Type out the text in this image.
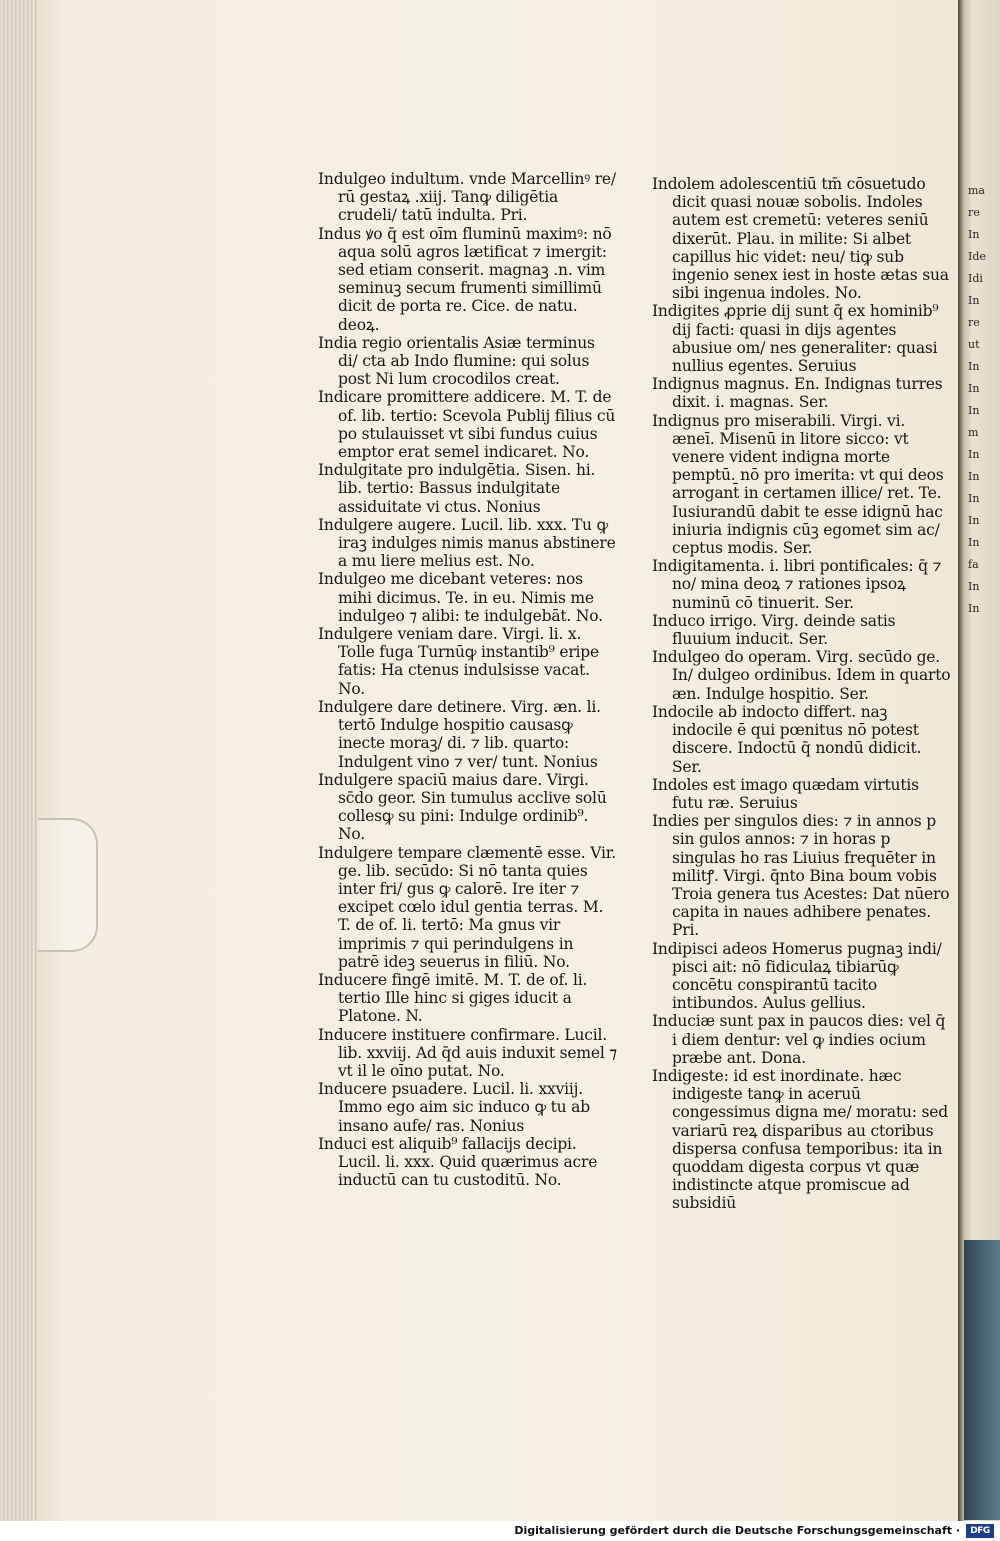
Indulgeo indultum. vnde Marcellinꝰ re/ rū gestaꝝ .xiij. Tanꝙ diligētia crudeli/ tatū indulta. Pri.

Indus ꝟo q̄ est oīm fluminū maximꝰ: nō aqua solū agros lætificat ⁊ imergit: sed etiam conserit. magnaꝫ .n. vim seminuꝫ secum frumenti simillimū dicit de porta re. Cice. de natu. deoꝝ.

India regio orientalis Asiæ terminus di/ cta ab Indo flumine: qui solus post Ni lum crocodilos creat.

Indicare promittere addicere. M. T. de of. lib. tertio: Scevola Publij filius cū po stulauisset vt sibi fundus cuius emptor erat semel indicaret. No.

Indulgitate pro indulgētia. Sisen. hi. lib. tertio: Bassus indulgitate assiduitate vi ctus. Nonius

Indulgere augere. Lucil. lib. xxx. Tu ꝙ iraꝫ indulges nimis manus abstinere a mu liere melius est. No.

Indulgeo me dicebant veteres: nos mihi dicimus. Te. in eu. Nimis me indulgeo ⁊ alibi: te indulgebāt. No.

Indulgere veniam dare. Virgi. li. x. Tolle fuga Turnūꝙ instantib⁹ eripe fatis: Ha ctenus indulsisse vacat. No.

Indulgere dare detinere. Virg. æn. li. tertō Indulge hospitio causasꝙ inecte moraꝫ/ di. ⁊ lib. quarto: Indulgent vino ⁊ ver/ tunt. Nonius

Indulgere spaciū maius dare. Virgi. sc̄do geor. Sin tumulus acclive solū collesꝙ su pini: Indulge ordinib⁹. No.

Indulgere tempare clæmentē esse. Vir. ge. lib. secūdo: Si nō tanta quies inter fri/ gus ꝙ calorē. Ire iter ⁊ excipet cœlo idul gentia terras. M. T. de of. li. tertō: Ma gnus vir imprimis ⁊ qui perindulgens in patrē ideꝫ seuerus in filiū. No.

Inducere fingē imitē. M. T. de of. li. tertio Ille hinc si giges iducit a Platone. N.

Inducere instituere confirmare. Lucil. lib. xxviij. Ad q̄d auis induxit semel ⁊ vt il le oīno putat. No.

Inducere psuadere. Lucil. li. xxviij. Immo ego aim sic induco ꝙ tu ab insano aufe/ ras. Nonius

Induci est aliquib⁹ fallacijs decipi. Lucil. li. xxx. Quid quærimus acre inductū can tu custoditū. No.

Indolem adolescentiū tm̄ cōsuetudo dicit quasi nouæ sobolis. Indoles autem est cremetū: veteres seniū dixerūt. Plau. in milite: Si albet capillus hic videt: neu/ tiꝙ sub ingenio senex iest in hoste ætas sua sibi ingenua indoles. No.

Indigites ꝓprie dij sunt q̄ ex hominib⁹ dij facti: quasi in dijs agentes abusiue om/ nes generaliter: quasi nullius egentes. Seruius

Indignus magnus. En. Indignas turres dixit. i. magnas. Ser.

Indignus pro miserabili. Virgi. vi. æneī. Misenū in litore sicco: vt venere vident indigna morte pemptū. nō pro imerita: vt qui deos arrogant̄ in certamen illice/ ret. Te. Iusiurandū dabit te esse idignū hac iniuria indignis cūꝫ egomet sim ac/ ceptus modis. Ser.

Indigitamenta. i. libri pontificales: q̄ ⁊ no/ mina deoꝝ ⁊ rationes ipsoꝝ numinū cō tinuerit. Ser.

Induco irrigo. Virg. deinde satis fluuium inducit. Ser.

Indulgeo do operam. Virg. secūdo ge. In/ dulgeo ordinibus. Idem in quarto æn. Indulge hospitio. Ser.

Indocile ab indocto differt. naꝫ indocile ē qui pœnitus nō potest discere. Indoctū q̄ nondū didicit. Ser.

Indoles est imago quædam virtutis futu ræ. Seruius

Indies per singulos dies: ⁊ in annos p sin gulos annos: ⁊ in horas p singulas ho ras Liuius frequēter in militꝭ. Virgi. q̄nto Bina boum vobis Troia genera tus Acestes: Dat nūero capita in naues adhibere penates. Pri.

Indipisci adeos Homerus pugnaꝫ indi/ pisci ait: nō fidiculaꝝ tibiarūꝙ concētu conspirantū tacito intibundos. Aulus gellius.

Induciæ sunt pax in paucos dies: vel q̄ i diem dentur: vel ꝙ indies ocium præbe ant. Dona.

Indigeste: id est inordinate. hæc indigeste tanꝙ in aceruū congessimus digna me/ moratu: sed variarū reꝝ disparibus au ctoribus dispersa confusa temporibus: ita in quoddam digesta corpus vt quæ indistincte atque promiscue ad subsidiū

ma
re
In
Ide
Idi
In
re
ut
In
In
In
m
In
In
In
In
In
fa
In
In
Digitalisierung gefördert durch die Deutsche Forschungsgemeinschaft ·	DFG
